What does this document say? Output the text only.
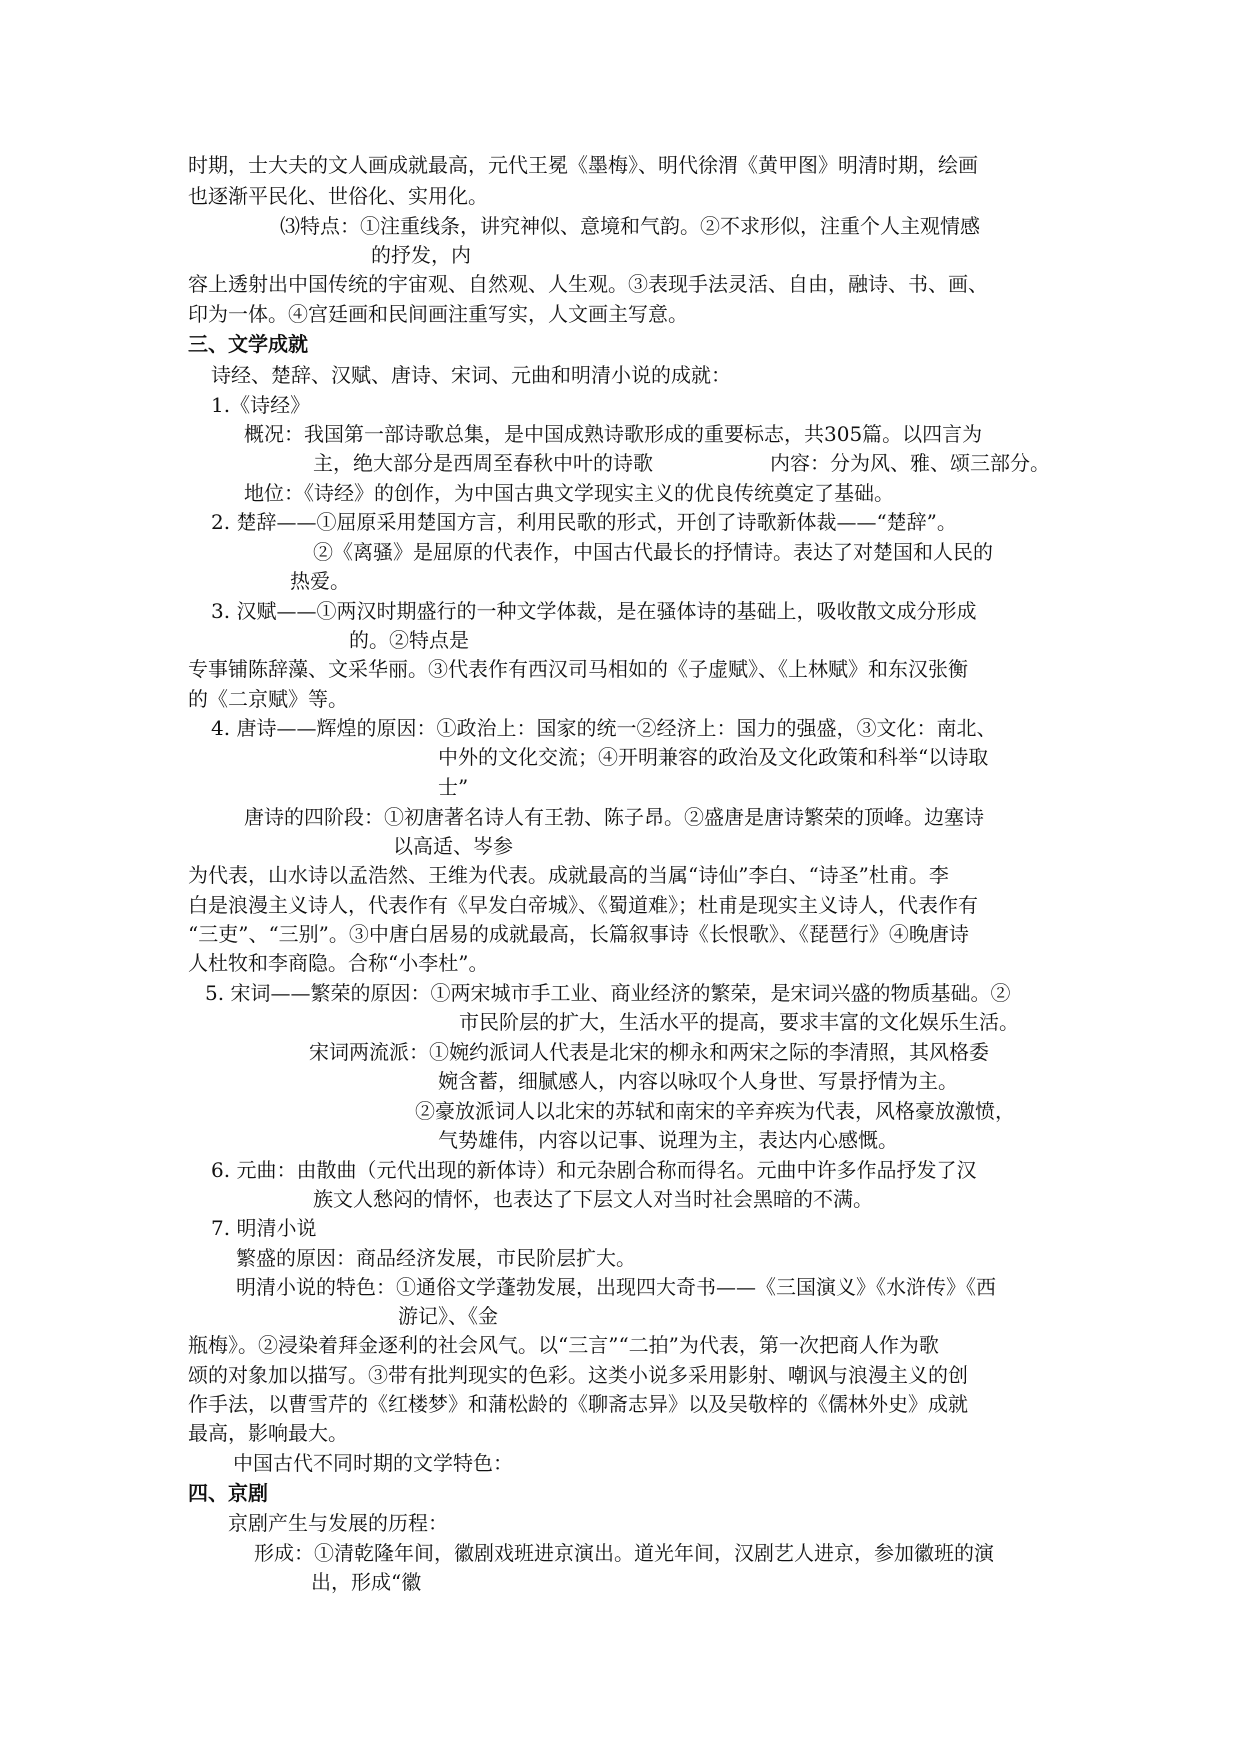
时期，士大夫的文人画成就最高，元代王冕《墨梅》、明代徐渭《黄甲图》明清时期，绘画
也逐渐平民化、世俗化、实用化。
⑶特点：①注重线条，讲究神似、意境和气韵。②不求形似，注重个人主观情感
的抒发，内
容上透射出中国传统的宇宙观、自然观、人生观。③表现手法灵活、自由，融诗、书、画、
印为一体。④宫廷画和民间画注重写实，人文画主写意。
三、文学成就
诗经、楚辞、汉赋、唐诗、宋词、元曲和明清小说的成就：
1.《诗经》
概况：我国第一部诗歌总集，是中国成熟诗歌形成的重要标志，共305篇。以四言为
主，绝大部分是西周至春秋中叶的诗歌	内容：分为风、雅、颂三部分。
地位：《诗经》的创作，为中国古典文学现实主义的优良传统奠定了基础。
2. 楚辞——①屈原采用楚国方言，利用民歌的形式，开创了诗歌新体裁——“楚辞”。
②《离骚》是屈原的代表作，中国古代最长的抒情诗。表达了对楚国和人民的
热爱。
3. 汉赋——①两汉时期盛行的一种文学体裁，是在骚体诗的基础上，吸收散文成分形成
的。②特点是
专事铺陈辞藻、文采华丽。③代表作有西汉司马相如的《子虚赋》、《上林赋》和东汉张衡
的《二京赋》等。
4. 唐诗——辉煌的原因：①政治上：国家的统一②经济上：国力的强盛，③文化：南北、
中外的文化交流；④开明兼容的政治及文化政策和科举“以诗取
士”
唐诗的四阶段：①初唐著名诗人有王勃、陈子昂。②盛唐是唐诗繁荣的顶峰。边塞诗
以高适、岑参
为代表，山水诗以孟浩然、王维为代表。成就最高的当属“诗仙”李白、“诗圣”杜甫。李
白是浪漫主义诗人，代表作有《早发白帝城》、《蜀道难》；杜甫是现实主义诗人，代表作有
“三吏”、“三别”。③中唐白居易的成就最高，长篇叙事诗《长恨歌》、《琵琶行》④晚唐诗
人杜牧和李商隐。合称“小李杜”。
5. 宋词——繁荣的原因：①两宋城市手工业、商业经济的繁荣，是宋词兴盛的物质基础。②
市民阶层的扩大，生活水平的提高，要求丰富的文化娱乐生活。
宋词两流派：①婉约派词人代表是北宋的柳永和两宋之际的李清照，其风格委
婉含蓄，细腻感人，内容以咏叹个人身世、写景抒情为主。
②豪放派词人以北宋的苏轼和南宋的辛弃疾为代表，风格豪放激愤，
气势雄伟，内容以记事、说理为主，表达内心感慨。
6. 元曲：由散曲（元代出现的新体诗）和元杂剧合称而得名。元曲中许多作品抒发了汉
族文人愁闷的情怀，也表达了下层文人对当时社会黑暗的不满。
7. 明清小说
繁盛的原因：商品经济发展，市民阶层扩大。
明清小说的特色：①通俗文学蓬勃发展，出现四大奇书——《三国演义》《水浒传》《西
游记》、《金
瓶梅》。②浸染着拜金逐利的社会风气。以“三言”“二拍”为代表，第一次把商人作为歌
颂的对象加以描写。③带有批判现实的色彩。这类小说多采用影射、嘲讽与浪漫主义的创
作手法，以曹雪芹的《红楼梦》和蒲松龄的《聊斋志异》以及吴敬梓的《儒林外史》成就
最高，影响最大。
中国古代不同时期的文学特色：
四、京剧
京剧产生与发展的历程：
形成：①清乾隆年间，徽剧戏班进京演出。道光年间，汉剧艺人进京，参加徽班的演
出，形成“徽
